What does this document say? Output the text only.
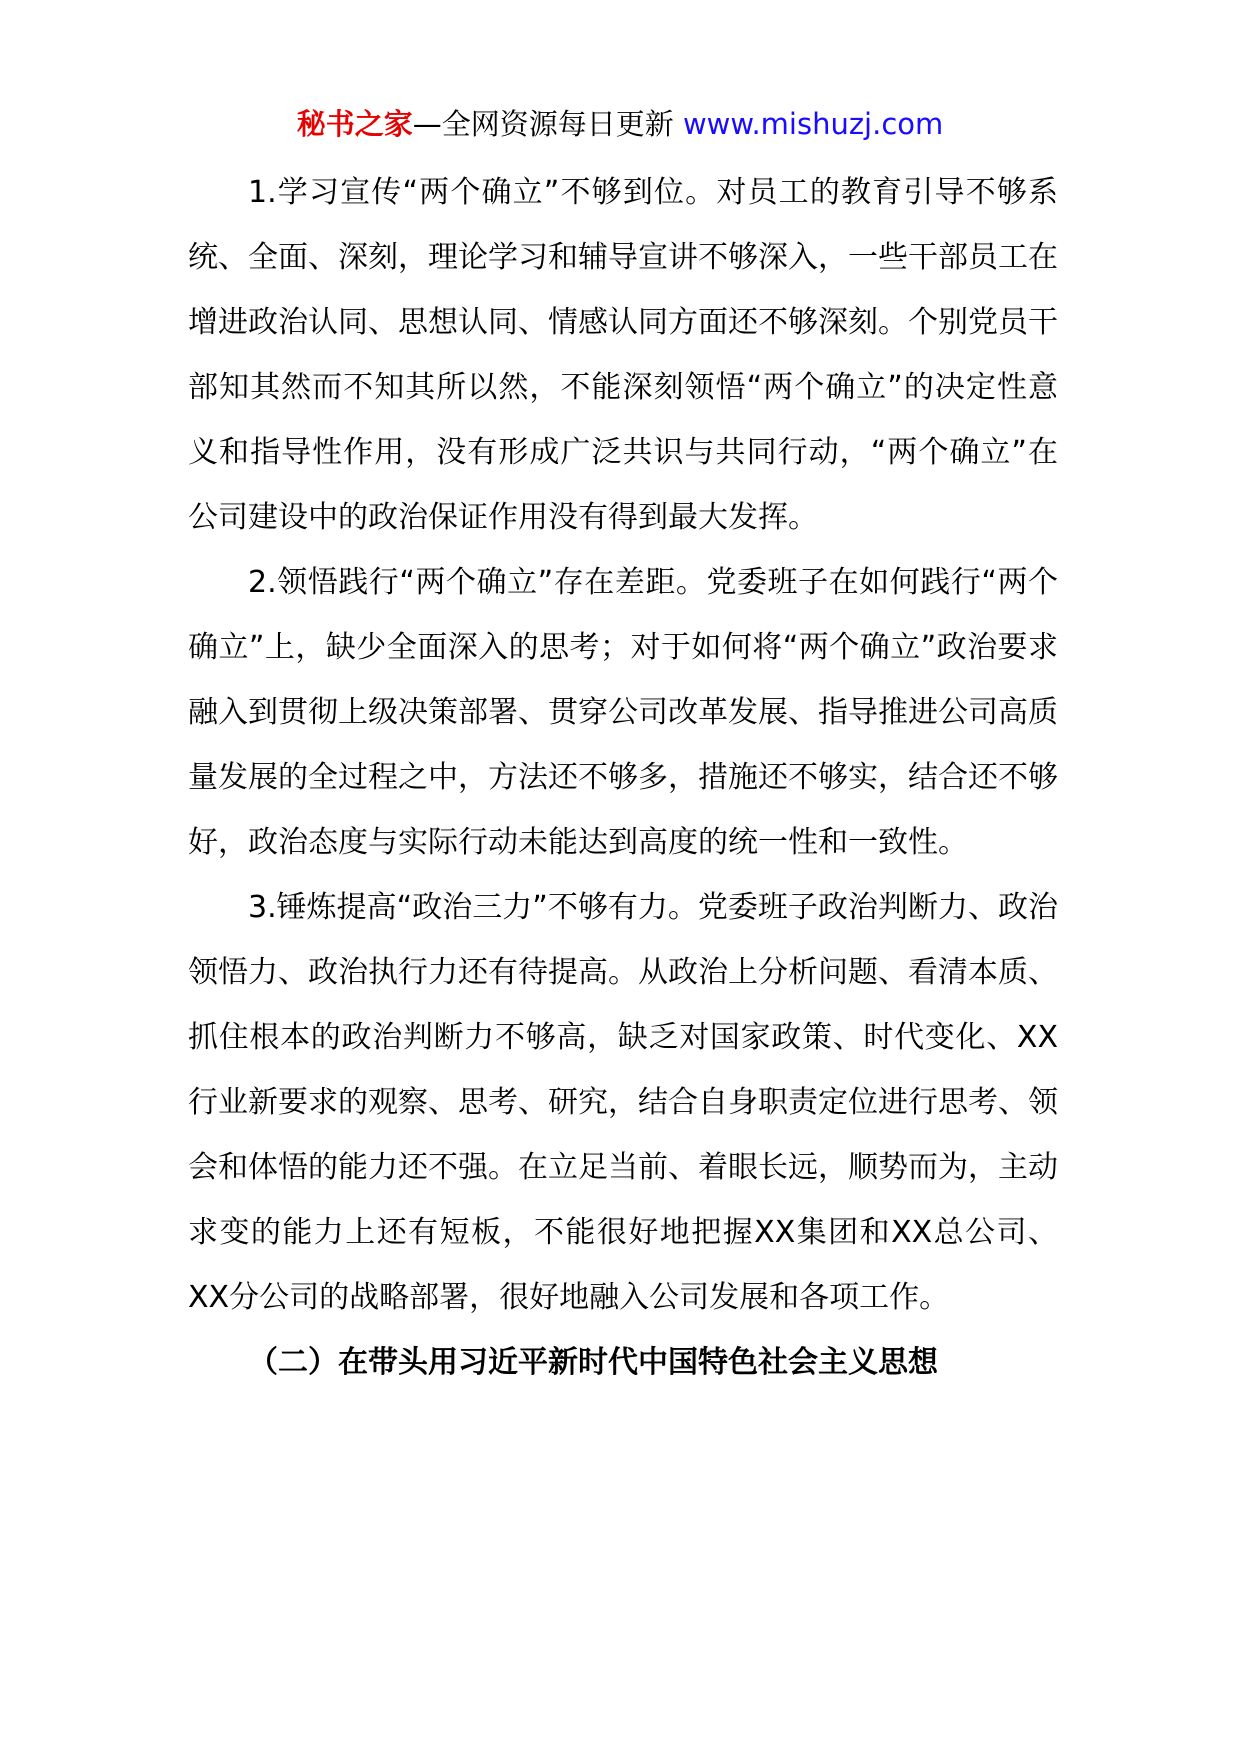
秘书之家—全网资源每日更新 www.mishuzj.com

1.学习宣传“两个确立”不够到位。对员工的教育引导不够系统、全面、深刻，理论学习和辅导宣讲不够深入，一些干部员工在增进政治认同、思想认同、情感认同方面还不够深刻。个别党员干部知其然而不知其所以然，不能深刻领悟“两个确立”的决定性意义和指导性作用，没有形成广泛共识与共同行动，“两个确立”在公司建设中的政治保证作用没有得到最大发挥。

2.领悟践行“两个确立”存在差距。党委班子在如何践行“两个确立”上，缺少全面深入的思考；对于如何将“两个确立”政治要求融入到贯彻上级决策部署、贯穿公司改革发展、指导推进公司高质量发展的全过程之中，方法还不够多，措施还不够实，结合还不够好，政治态度与实际行动未能达到高度的统一性和一致性。

3.锤炼提高“政治三力”不够有力。党委班子政治判断力、政治领悟力、政治执行力还有待提高。从政治上分析问题、看清本质、抓住根本的政治判断力不够高，缺乏对国家政策、时代变化、XX行业新要求的观察、思考、研究，结合自身职责定位进行思考、领会和体悟的能力还不强。在立足当前、着眼长远，顺势而为，主动求变的能力上还有短板，不能很好地把握XX集团和XX总公司、XX分公司的战略部署，很好地融入公司发展和各项工作。

（二）在带头用习近平新时代中国特色社会主义思想
